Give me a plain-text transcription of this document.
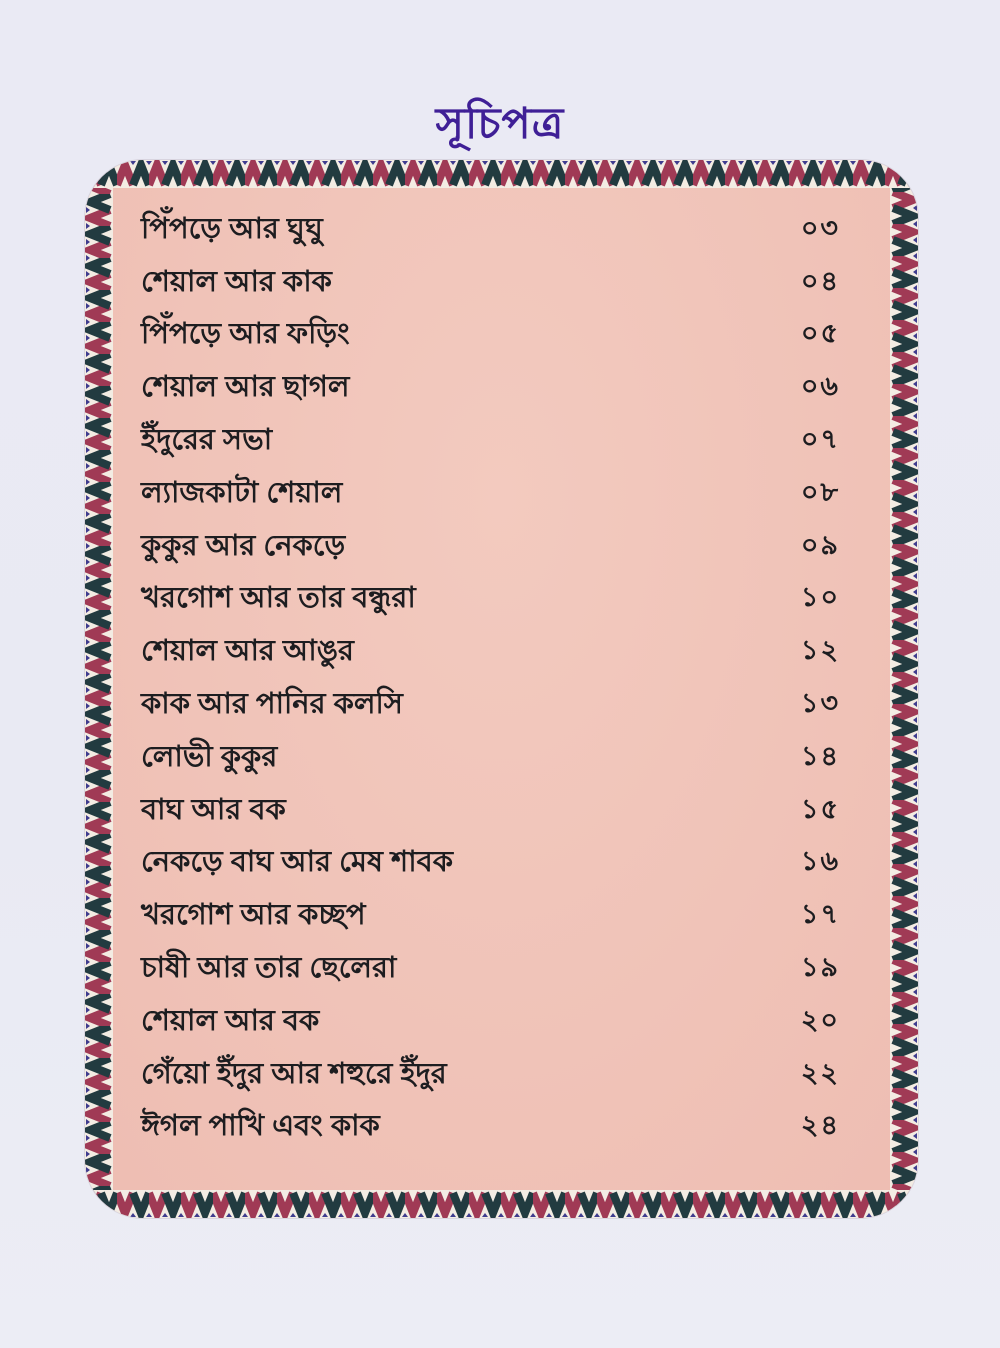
সূচিপত্র
পিঁপড়ে আর ঘুঘু	০৩
শেয়াল আর কাক	০৪
পিঁপড়ে আর ফড়িং	০৫
শেয়াল আর ছাগল	০৬
ইঁদুরের সভা	০৭
ল্যাজকাটা শেয়াল	০৮
কুকুর আর নেকড়ে	০৯
খরগোশ আর তার বন্ধুরা	১০
শেয়াল আর আঙুর	১২
কাক আর পানির কলসি	১৩
লোভী কুকুর	১৪
বাঘ আর বক	১৫
নেকড়ে বাঘ আর মেষ শাবক	১৬
খরগোশ আর কচ্ছপ	১৭
চাষী আর তার ছেলেরা	১৯
শেয়াল আর বক	২০
গেঁয়ো ইঁদুর আর শহুরে ইঁদুর	২২
ঈগল পাখি এবং কাক	২৪
